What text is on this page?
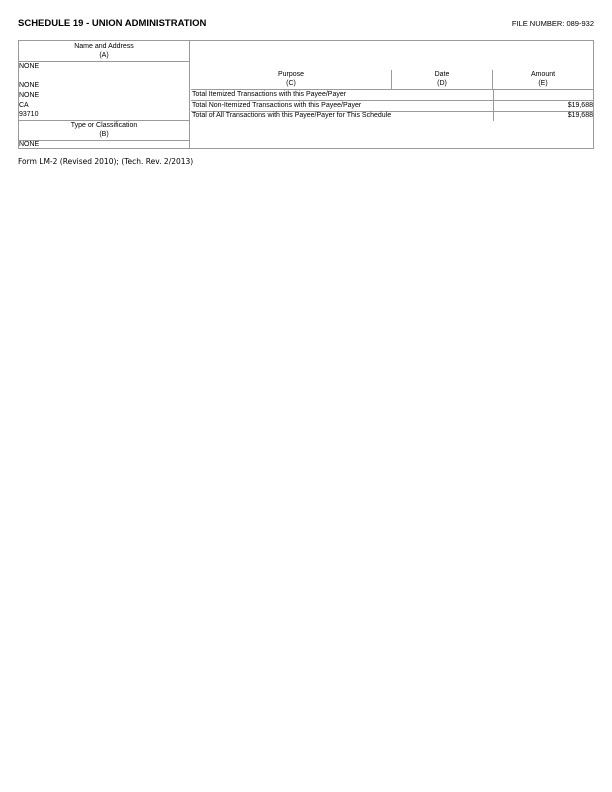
SCHEDULE 19 - UNION ADMINISTRATION	FILE NUMBER: 089-932
Name and Address
(A)
NONE
NONE
NONE
CA
93710
Type or Classification
(B)
NONE
Purpose
(C)
Date
(D)
Amount
(E)
Total Itemized Transactions with this Payee/Payer
Total Non-Itemized Transactions with this Payee/Payer	$19,688
Total of All Transactions with this Payee/Payer for This Schedule	$19,688
Form LM-2 (Revised 2010); (Tech. Rev. 2/2013)
